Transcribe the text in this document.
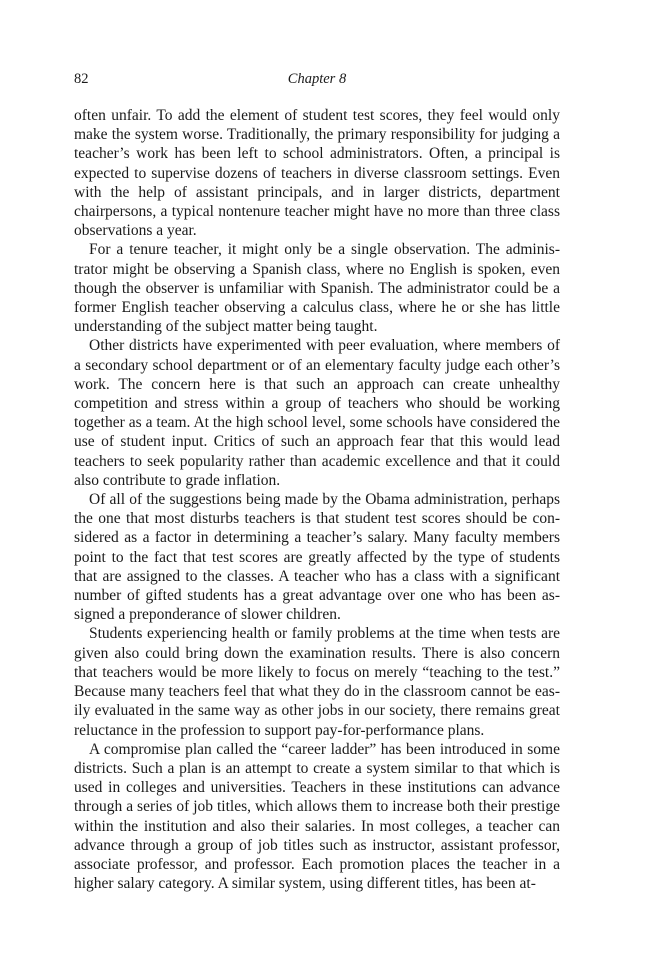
82	Chapter 8

often unfair. To add the element of student test scores, they feel would only make the system worse. Traditionally, the primary responsibility for judging a teacher’s work has been left to school administrators. Often, a principal is expected to supervise dozens of teachers in diverse classroom settings. Even with the help of assistant principals, and in larger districts, department chairpersons, a typical nontenure teacher might have no more than three class observations a year.

For a tenure teacher, it might only be a single observation. The administrator might be observing a Spanish class, where no English is spoken, even though the observer is unfamiliar with Spanish. The administrator could be a former English teacher observing a calculus class, where he or she has little understanding of the subject matter being taught.

Other districts have experimented with peer evaluation, where members of a secondary school department or of an elementary faculty judge each other’s work. The concern here is that such an approach can create unhealthy competition and stress within a group of teachers who should be working together as a team. At the high school level, some schools have considered the use of student input. Critics of such an approach fear that this would lead teachers to seek popularity rather than academic excellence and that it could also contribute to grade inflation.

Of all of the suggestions being made by the Obama administration, perhaps the one that most disturbs teachers is that student test scores should be considered as a factor in determining a teacher’s salary. Many faculty members point to the fact that test scores are greatly affected by the type of students that are assigned to the classes. A teacher who has a class with a significant number of gifted students has a great advantage over one who has been assigned a preponderance of slower children.

Students experiencing health or family problems at the time when tests are given also could bring down the examination results. There is also concern that teachers would be more likely to focus on merely “teaching to the test.” Because many teachers feel that what they do in the classroom cannot be easily evaluated in the same way as other jobs in our society, there remains great reluctance in the profession to support pay-for-performance plans.

A compromise plan called the “career ladder” has been introduced in some districts. Such a plan is an attempt to create a system similar to that which is used in colleges and universities. Teachers in these institutions can advance through a series of job titles, which allows them to increase both their prestige within the institution and also their salaries. In most colleges, a teacher can advance through a group of job titles such as instructor, assistant professor, associate professor, and professor. Each promotion places the teacher in a higher salary category. A similar system, using different titles, has been at-
